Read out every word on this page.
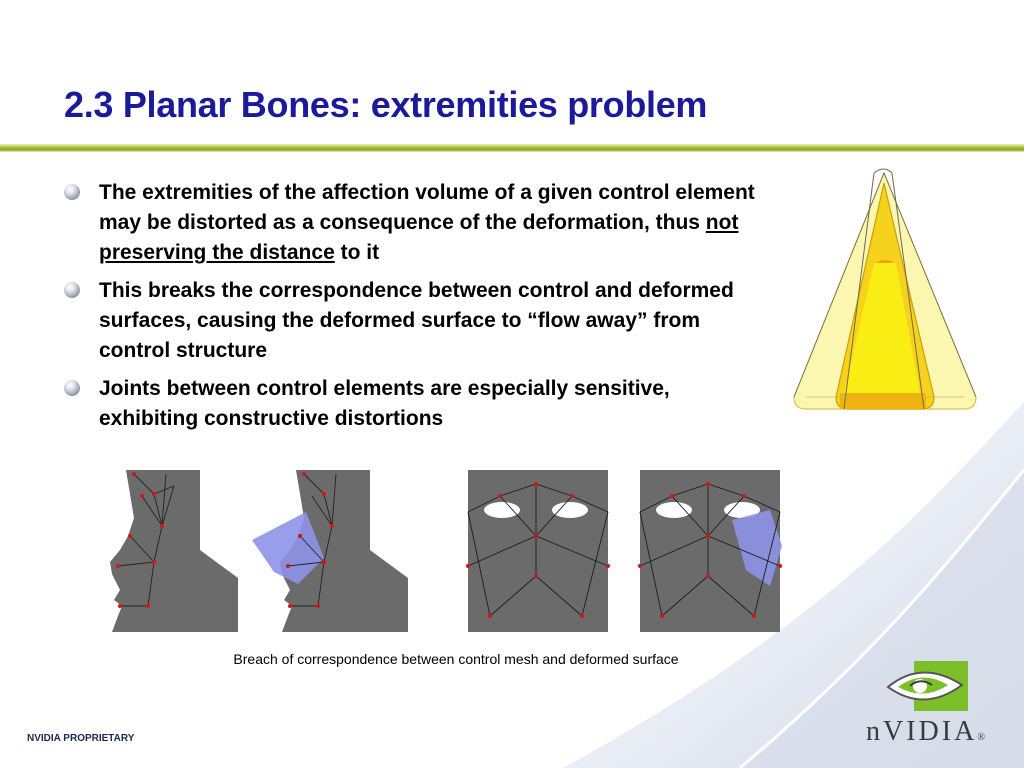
2.3 Planar Bones: extremities problem
The extremities of the affection volume of a given control element may be distorted as a consequence of the deformation, thus not preserving the distance to it
This breaks the correspondence between control and deformed surfaces, causing the deformed surface to “flow away” from control structure
Joints between control elements are especially sensitive, exhibiting constructive distortions
Breach of correspondence between control mesh and deformed surface
NVIDIA PROPRIETARY	nVIDIA®
